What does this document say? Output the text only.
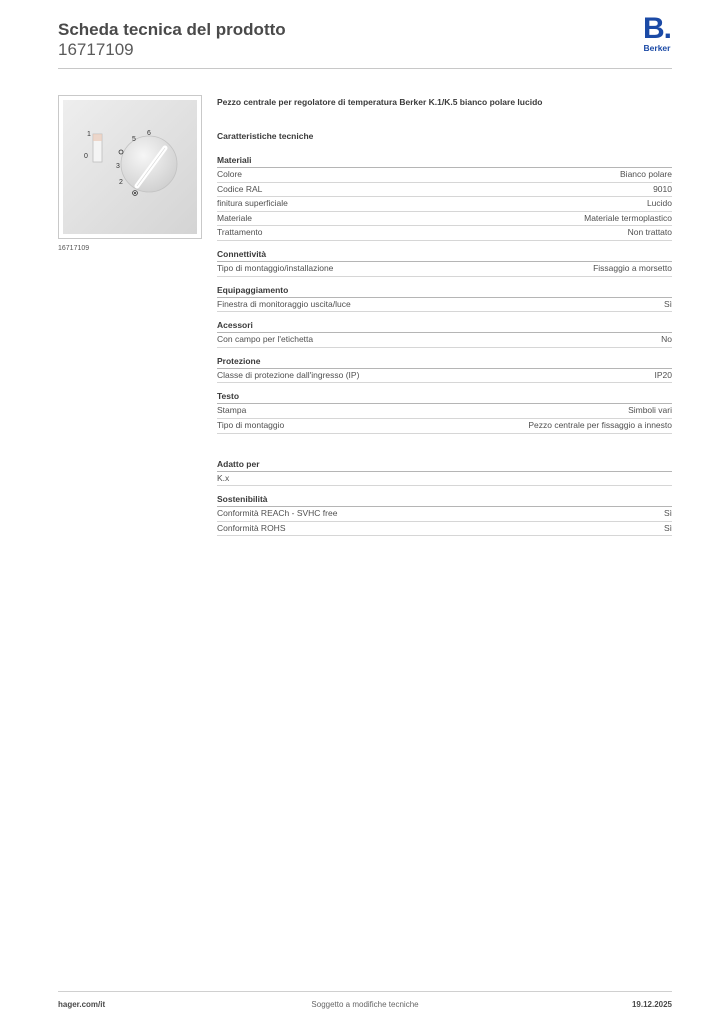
Scheda tecnica del prodotto
16717109
B.
Berker
1
0
3
2
5
6
16717109
Pezzo centrale per regolatore di temperatura Berker K.1/K.5 bianco polare lucido
Caratteristiche tecniche
Materiali
Colore	Bianco polare
Codice RAL	9010
finitura superficiale	Lucido
Materiale	Materiale termoplastico
Trattamento	Non trattato
Connettività
Tipo di montaggio/installazione	Fissaggio a morsetto
Equipaggiamento
Finestra di monitoraggio uscita/luce	Sì
Acessori
Con campo per l'etichetta	No
Protezione
Classe di protezione dall'ingresso (IP)	IP20
Testo
Stampa	Simboli vari
Tipo di montaggio	Pezzo centrale per fissaggio a innesto
Adatto per
K.x
Sostenibilità
Conformità REACh - SVHC free	Sì
Conformità ROHS	Sì
hager.com/it	Soggetto a modifiche tecniche	19.12.2025
